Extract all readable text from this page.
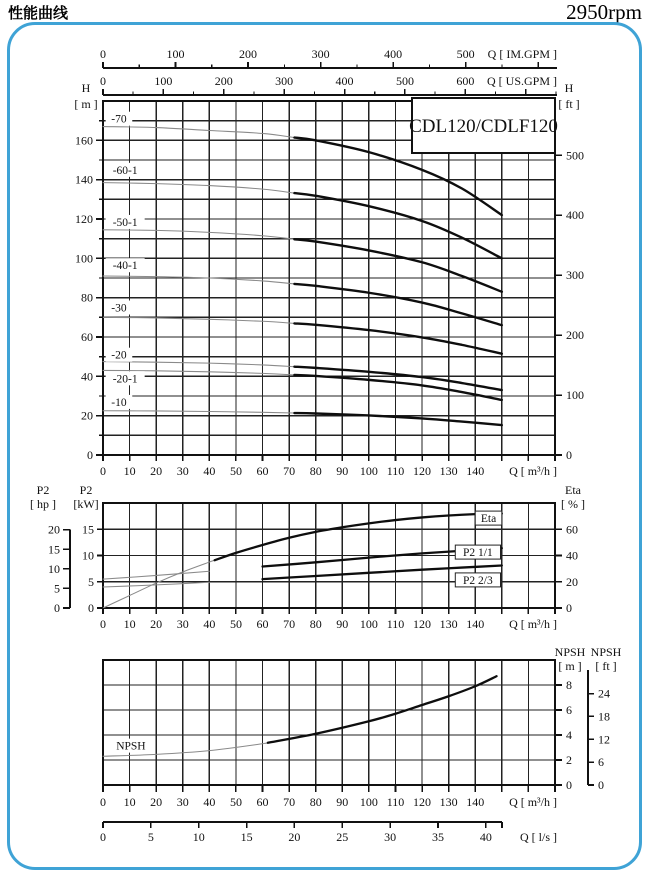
性能曲线	2950rpm
-70
-60-1
-50-1
-40-1
-30
-20
-20-1
-10
CDL120/CDLF120
0
20
40
60
80
100
120
140
160
H
[ m ]
0
100
200
300
400
500
H
[ ft ]
0 10 20 30 40 50 60 70 80 90 100 110 120 130 140 Q [ m³/h ]
0	100	200	300	400	500 Q [ IM.GPM ]
0	100	200	300	400	500	600 Q [ US.GPM ]
Eta
P2 1/1
P2 2/3
0
5
10
15
P2
[kW]
0
5
10
15
20
P2
[ hp ]
0
20
40
60
Eta
[ % ]
0 10 20 30 40 50 60 70 80 90 100 110 120 130 140 Q [ m³/h ]
NPSH
0
2
4
6
8
0
6
12
18
24
NPSH NPSH
[ m ] [ ft ]
0 10 20 30 40 50 60 70 80 90 100 110 120 130 140 Q [ m³/h ]
0	5	10	15	20	25	30	35	40 Q [ l/s ]
